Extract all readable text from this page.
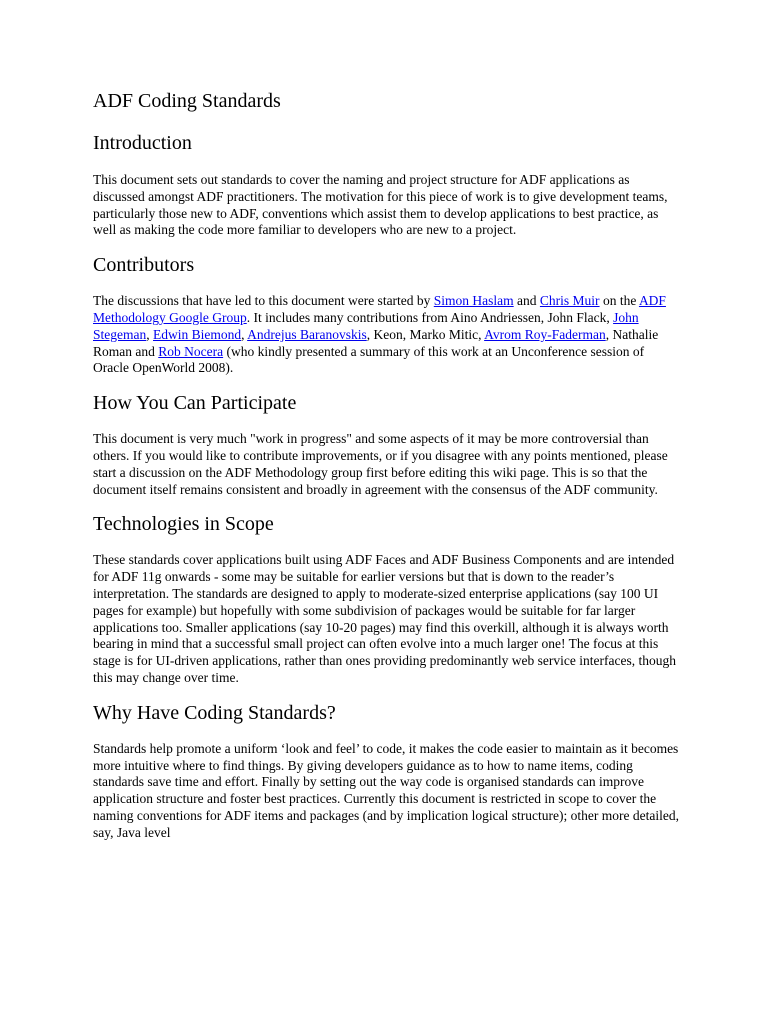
ADF Coding Standards
Introduction

This document sets out standards to cover the naming and project structure for ADF applications as discussed amongst ADF practitioners. The motivation for this piece of work is to give development teams, particularly those new to ADF, conventions which assist them to develop applications to best practice, as well as making the code more familiar to developers who are new to a project.

Contributors

The discussions that have led to this document were started by Simon Haslam and Chris Muir on the ADF Methodology Google Group. It includes many contributions from Aino Andriessen, John Flack, John Stegeman, Edwin Biemond, Andrejus Baranovskis, Keon, Marko Mitic, Avrom Roy-Faderman, Nathalie Roman and Rob Nocera (who kindly presented a summary of this work at an Unconference session of Oracle OpenWorld 2008).

How You Can Participate

This document is very much "work in progress" and some aspects of it may be more controversial than others. If you would like to contribute improvements, or if you disagree with any points mentioned, please start a discussion on the ADF Methodology group first before editing this wiki page. This is so that the document itself remains consistent and broadly in agreement with the consensus of the ADF community.

Technologies in Scope

These standards cover applications built using ADF Faces and ADF Business Components and are intended for ADF 11g onwards - some may be suitable for earlier versions but that is down to the reader’s interpretation. The standards are designed to apply to moderate-sized enterprise applications (say 100 UI pages for example) but hopefully with some subdivision of packages would be suitable for far larger applications too. Smaller applications (say 10-20 pages) may find this overkill, although it is always worth bearing in mind that a successful small project can often evolve into a much larger one! The focus at this stage is for UI-driven applications, rather than ones providing predominantly web service interfaces, though this may change over time.

Why Have Coding Standards?

Standards help promote a uniform ‘look and feel’ to code, it makes the code easier to maintain as it becomes more intuitive where to find things. By giving developers guidance as to how to name items, coding standards save time and effort. Finally by setting out the way code is organised standards can improve application structure and foster best practices. Currently this document is restricted in scope to cover the naming conventions for ADF items and packages (and by implication logical structure); other more detailed, say, Java level
